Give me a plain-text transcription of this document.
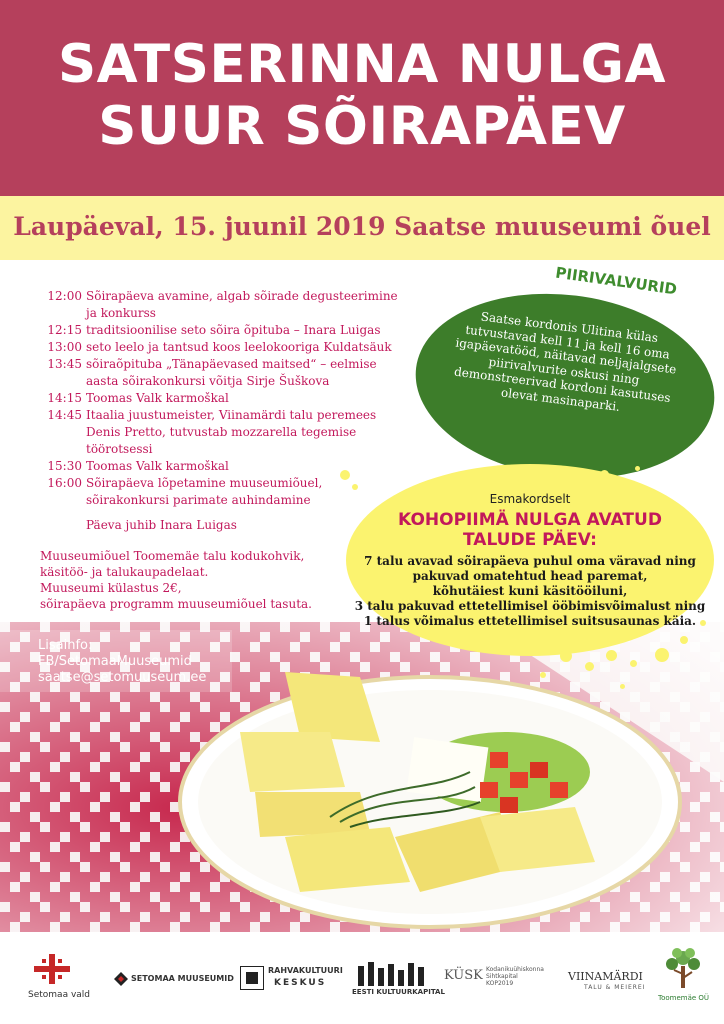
SATSERINNA NULGA
SUUR SÕIRAPÄEV
Laupäeval, 15. juunil 2019 Saatse muuseumi õuel
12:00 Sõirapäeva avamine, algab sõirade degusteerimine ja konkurss
12:15 traditsioonilise seto sõira õpituba – Inara Luigas
13:00 seto leelo ja tantsud koos leelokooriga Kuldatsäuk
13:45 sõiraõpituba „Tänapäevased maitsed“ – eelmise aasta sõirakonkursi võitja Sirje Šuškova
14:15 Toomas Valk karmoškal
14:45 Itaalia juustumeister, Viinamärdi talu peremees Denis Pretto, tutvustab mozzarella tegemise töörotsessi
15:30 Toomas Valk karmoškal
16:00 Sõirapäeva lõpetamine muuseumiõuel, sõirakonkursi parimate auhindamine
Päeva juhib Inara Luigas
Muuseumiõuel Toomemäe talu kodukohvik,
käsitöö- ja talukaupadelaat.
Muuseumi külastus 2€,
sõirapäeva programm muuseumiõuel tasuta.
Lisainfo:
FB/SetomaaMuuseumid
saatse@setomuuseum.ee
PIIRIVALVURID
Saatse kordonis Ulitina külas tutvustavad kell 11 ja kell 16 oma igapäevatööd, näitavad neljajalgsete piirivalvurite oskusi ning demonstreerivad kordoni kasutuses olevat masinaparki.
Esmakordselt
KOHOPIIMÄ NULGA AVATUD
TALUDE PÄEV:
7 talu avavad sõirapäeva puhul oma väravad ning
pakuvad omatehtud head paremat,
kõhutäiest kuni käsitööiluni,
3 talu pakuvad ettetellimisel ööbimisvõimalust ning
1 talus võimalus ettetellimisel suitsusaunas käia.
Setomaa vald
SETOMAA MUUSEUMID
RAHVAKULTUURI
KESKUS
EESTI KULTUURKAPITAL
KÜSK Kodanikuühiskonna
Sihtkapital
KOP2019
VIINAMÄRDI
TALU & MEIEREI
Toomemäe OÜ
